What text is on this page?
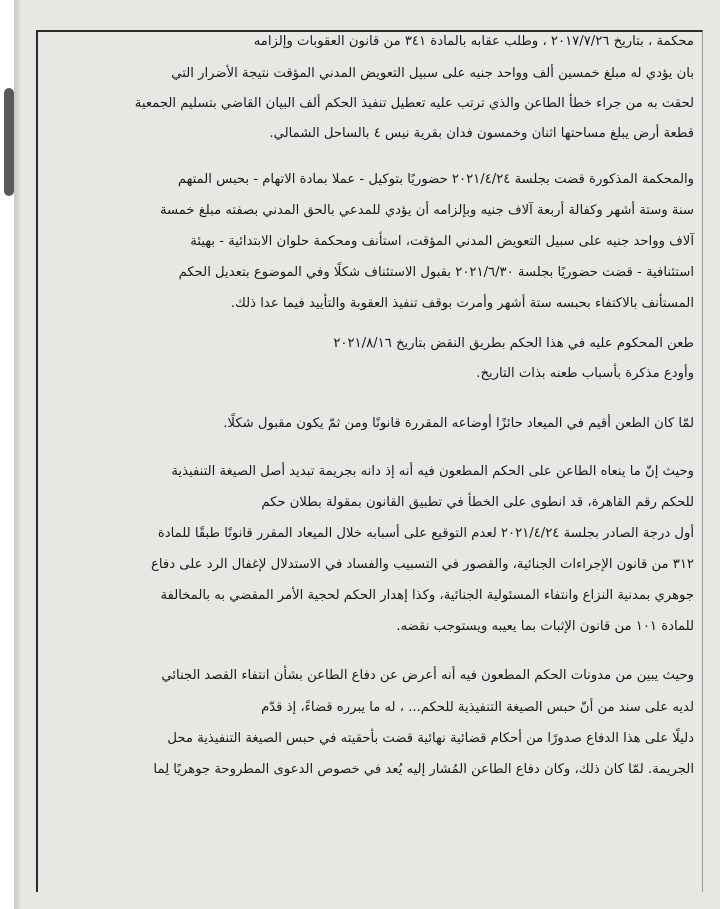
محكمة ، بتاريخ ٢٠١٧/٧/٢٦ ، وطلب عقابه بالمادة ٣٤١ من قانون العقوبات وإلزامه
بان يؤدي له مبلغ خمسين ألف وواحد جنيه على سبيل التعويض المدني المؤقت نتيجة الأضرار التي
لحقت به من جراء خطأ الطاعن والذي ترتب عليه تعطيل تنفيذ الحكم ألف البيان القاضي بتسليم الجمعية
قطعة أرض يبلغ مساحتها اثنان وخمسون فدان بقرية نيس ٤ بالساحل الشمالي.
والمحكمة المذكورة قضت بجلسة ٢٠٢١/٤/٢٤ حضوريًا بتوكيل - عملا بمادة الاتهام - بحبس المتهم
سنة وستة أشهر وكفالة أربعة آلاف جنيه وبإلزامه أن يؤدي للمدعي بالحق المدني بصفته مبلغ خمسة
آلاف وواحد جنيه على سبيل التعويض المدني المؤقت، استأنف ومحكمة حلوان الابتدائية - بهيئة
استئنافية - قضت حضوريًا بجلسة ٢٠٢١/٦/٣٠ بقبول الاستئناف شكلًا وفي الموضوع بتعديل الحكم
المستأنف بالاكتفاء بحبسه ستة أشهر وأمرت بوقف تنفيذ العقوبة والتأييد فيما عدا ذلك.
طعن المحكوم عليه في هذا الحكم بطريق النقض بتاريخ ٢٠٢١/٨/١٦
وأودع مذكرة بأسباب طعنه بذات التاريخ.
لمّا كان الطعن أقيم في الميعاد حائزًا أوضاعه المقررة قانونًا ومن ثمّ يكون مقبول شكلًا.
وحيث إنّ ما ينعاه الطاعن على الحكم المطعون فيه أنه إذ دانه بجريمة تبديد أصل الصيغة التنفيذية
للحكم رقم القاهرة، قد انطوى على الخطأ في تطبيق القانون بمقولة بطلان حكم
أول درجة الصادر بجلسة ٢٠٢١/٤/٢٤ لعدم التوقيع على أسبابه خلال الميعاد المقرر قانونًا طبقًا للمادة
٣١٢ من قانون الإجراءات الجنائية، والقصور في التسبيب والفساد في الاستدلال لإغفال الرد على دفاع
جوهري بمدنية النزاع وانتفاء المسئولية الجنائية، وكذا إهدار الحكم لحجية الأمر المقضي به بالمخالفة
للمادة ١٠١ من قانون الإثبات بما يعيبه ويستوجب نقضه.
وحيث يبين من مدونات الحكم المطعون فيه أنه أعرض عن دفاع الطاعن بشأن انتفاء القصد الجنائي
لديه على سند من أنّ حبس الصيغة التنفيذية للحكم... ، له ما يبرره قضاءً، إذ قدّم
دليلًا على هذا الدفاع صدورًا من أحكام قضائية نهائية قضت بأحقيته في حبس الصيغة التنفيذية محل
الجريمة. لمّا كان ذلك، وكان دفاع الطاعن المُشار إليه يُعد في خصوص الدعوى المطروحة جوهريًا لِما
